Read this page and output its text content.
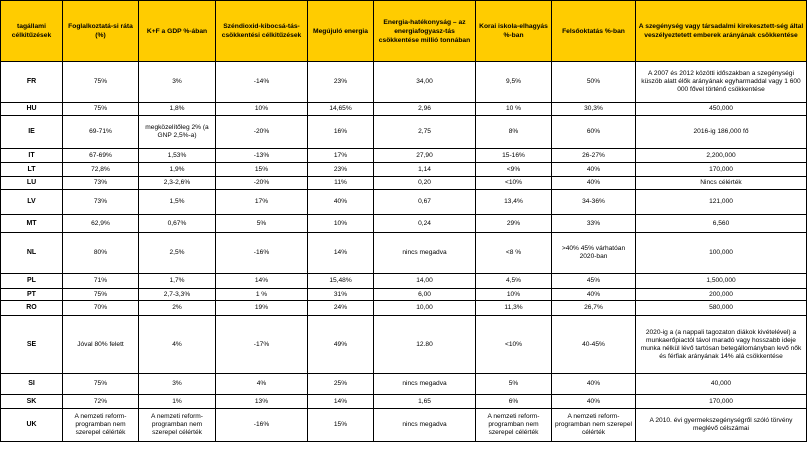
tagállami célkitűzések	Foglalkoztatá-si ráta (%)	K+F a GDP %-ában	Széndioxid-kibocsá-tás-csökkentési célkitűzések	Megújuló energia	Energia-hatékonyság – az energiafogyasz-tás csökkentése millió tonnában	Korai iskola-elhagyás %-ban	Felsőoktatás %-ban	A szegénység vagy társadalmi kirekesztett-ség által veszélyeztetett emberek arányának csökkentése
FR	75%	3%	-14%	23%	34,00	9,5%	50%	A 2007 és 2012 közötti időszakban a szegénységi küszöb alatt élők arányának egyharmaddal vagy 1 600 000 fővel történő csökkentése
HU	75%	1,8%	10%	14,65%	2,96	10 %	30,3%	450,000
IE	69-71%	megközelítőleg 2% (a GNP 2,5%-a)	-20%	16%	2,75	8%	60%	2016-ig 186,000 fő
IT	67-69%	1,53%	-13%	17%	27,90	15-16%	26-27%	2,200,000
LT	72,8%	1,9%	15%	23%	1,14	<9%	40%	170,000
LU	73%	2,3-2,6%	-20%	11%	0,20	<10%	40%	Nincs célérték
LV	73%	1,5%	17%	40%	0,67	13,4%	34-36%	121,000
MT	62,9%	0,67%	5%	10%	0,24	29%	33%	6,560
NL	80%	2,5%	-16%	14%	nincs megadva	<8 %	>40% 45% várhatóan 2020-ban	100,000
PL	71%	1,7%	14%	15,48%	14,00	4,5%	45%	1,500,000
PT	75%	2,7-3,3%	1 %	31%	6,00	10%	40%	200,000
RO	70%	2%	19%	24%	10,00	11,3%	26,7%	580,000
SE	Jóval 80% felett	4%	-17%	49%	12.80	<10%	40-45%	2020-ig a (a nappali tagozaton diákok kivételével) a munkaerőpiactól távol maradó vagy hosszabb ideje munka nélkül lévő tartósan betegállományban levő nők és férfiak arányának 14% alá csökkentése
SI	75%	3%	4%	25%	nincs megadva	5%	40%	40,000
SK	72%	1%	13%	14%	1,65	6%	40%	170,000
UK	A nemzeti reform-programban nem szerepel célérték	A nemzeti reform-programban nem szerepel célérték	-16%	15%	nincs megadva	A nemzeti reform-programban nem szerepel célérték	A nemzeti reform-programban nem szerepel célérték	A 2010. évi gyermekszegénységről szóló törvény meglévő célszámai
